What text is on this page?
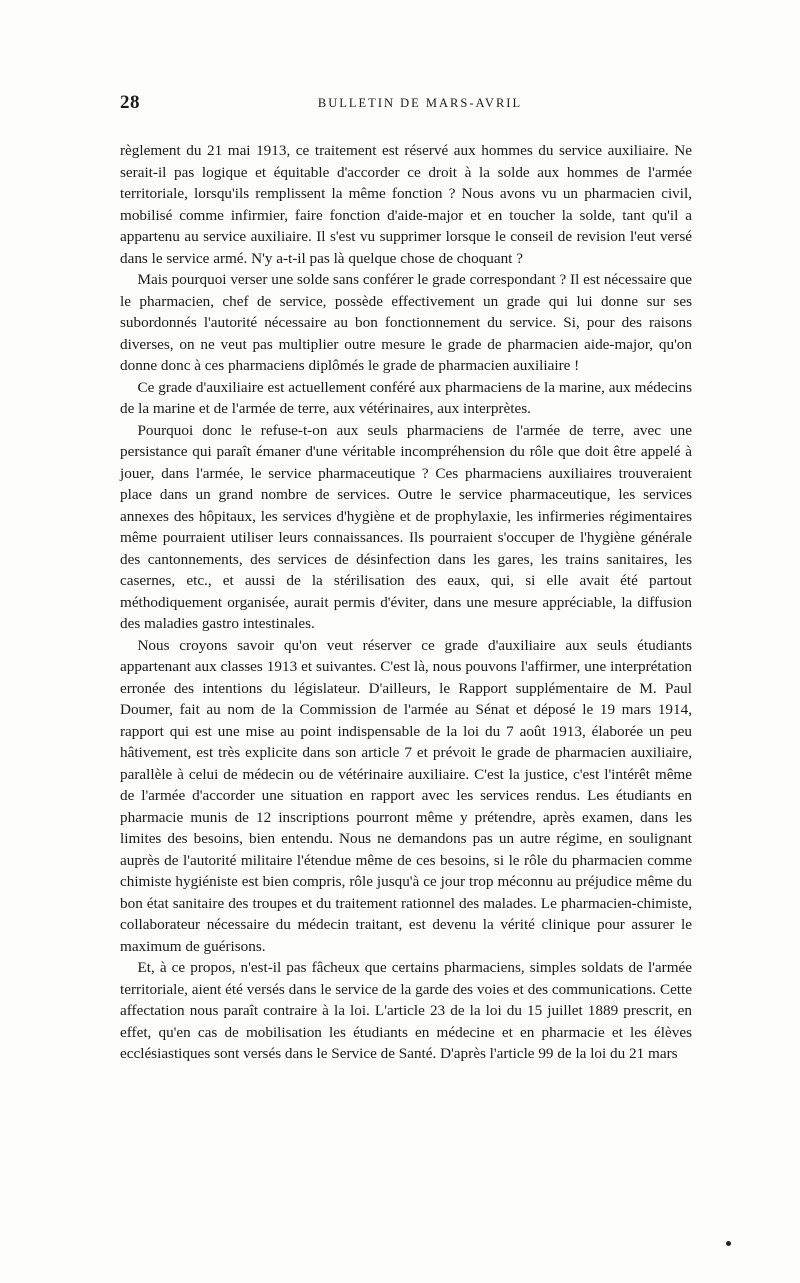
28	BULLETIN DE MARS-AVRIL

règlement du 21 mai 1913, ce traitement est réservé aux hommes du service auxiliaire. Ne serait-il pas logique et équitable d'accorder ce droit à la solde aux hommes de l'armée territoriale, lorsqu'ils remplissent la même fonction ? Nous avons vu un pharmacien civil, mobilisé comme infirmier, faire fonction d'aide-major et en toucher la solde, tant qu'il a appartenu au service auxiliaire. Il s'est vu supprimer lorsque le conseil de revision l'eut versé dans le service armé. N'y a-t-il pas là quelque chose de choquant ?

Mais pourquoi verser une solde sans conférer le grade correspondant ? Il est nécessaire que le pharmacien, chef de service, possède effectivement un grade qui lui donne sur ses subordonnés l'autorité nécessaire au bon fonctionnement du service. Si, pour des raisons diverses, on ne veut pas multiplier outre mesure le grade de pharmacien aide-major, qu'on donne donc à ces pharmaciens diplômés le grade de pharmacien auxiliaire !

Ce grade d'auxiliaire est actuellement conféré aux pharmaciens de la marine, aux médecins de la marine et de l'armée de terre, aux vétérinaires, aux interprètes.

Pourquoi donc le refuse-t-on aux seuls pharmaciens de l'armée de terre, avec une persistance qui paraît émaner d'une véritable incompréhension du rôle que doit être appelé à jouer, dans l'armée, le service pharmaceutique ? Ces pharmaciens auxiliaires trouveraient place dans un grand nombre de services. Outre le service pharmaceutique, les services annexes des hôpitaux, les services d'hygiène et de prophylaxie, les infirmeries régimentaires même pourraient utiliser leurs connaissances. Ils pourraient s'occuper de l'hygiène générale des cantonnements, des services de désinfection dans les gares, les trains sanitaires, les casernes, etc., et aussi de la stérilisation des eaux, qui, si elle avait été partout méthodiquement organisée, aurait permis d'éviter, dans une mesure appréciable, la diffusion des maladies gastro intestinales.

Nous croyons savoir qu'on veut réserver ce grade d'auxiliaire aux seuls étudiants appartenant aux classes 1913 et suivantes. C'est là, nous pouvons l'affirmer, une interprétation erronée des intentions du législateur. D'ailleurs, le Rapport supplémentaire de M. Paul Doumer, fait au nom de la Commission de l'armée au Sénat et déposé le 19 mars 1914, rapport qui est une mise au point indispensable de la loi du 7 août 1913, élaborée un peu hâtivement, est très explicite dans son article 7 et prévoit le grade de pharmacien auxiliaire, parallèle à celui de médecin ou de vétérinaire auxiliaire. C'est la justice, c'est l'intérêt même de l'armée d'accorder une situation en rapport avec les services rendus. Les étudiants en pharmacie munis de 12 inscriptions pourront même y prétendre, après examen, dans les limites des besoins, bien entendu. Nous ne demandons pas un autre régime, en soulignant auprès de l'autorité militaire l'étendue même de ces besoins, si le rôle du pharmacien comme chimiste hygiéniste est bien compris, rôle jusqu'à ce jour trop méconnu au préjudice même du bon état sanitaire des troupes et du traitement rationnel des malades. Le pharmacien-chimiste, collaborateur nécessaire du médecin traitant, est devenu la vérité clinique pour assurer le maximum de guérisons.

Et, à ce propos, n'est-il pas fâcheux que certains pharmaciens, simples soldats de l'armée territoriale, aient été versés dans le service de la garde des voies et des communications. Cette affectation nous paraît contraire à la loi. L'article 23 de la loi du 15 juillet 1889 prescrit, en effet, qu'en cas de mobilisation les étudiants en médecine et en pharmacie et les élèves ecclésiastiques sont versés dans le Service de Santé. D'après l'article 99 de la loi du 21 mars
